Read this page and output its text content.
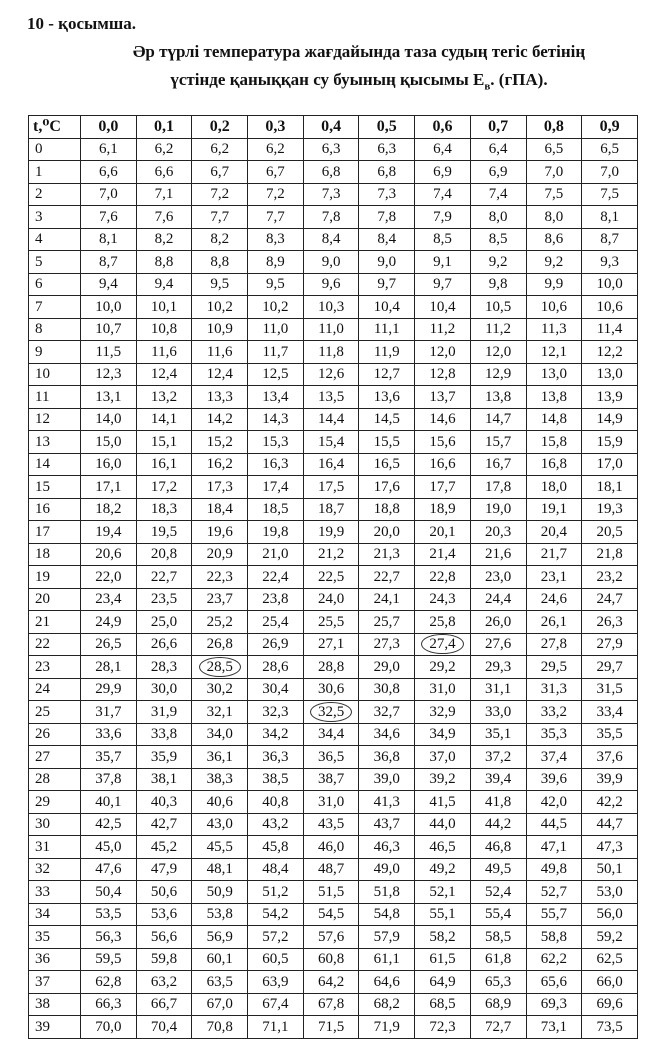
10 - қосымша.
Әр түрлі температура жағдайында таза судың тегіс бетінің
үстінде қаныққан су буының қысымы $E_в$. (гПА).
t,⁰C	0,0	0,1	0,2	0,3	0,4	0,5	0,6	0,7	0,8	0,9
0	6,1	6,2	6,2	6,2	6,3	6,3	6,4	6,4	6,5	6,5
1	6,6	6,6	6,7	6,7	6,8	6,8	6,9	6,9	7,0	7,0
2	7,0	7,1	7,2	7,2	7,3	7,3	7,4	7,4	7,5	7,5
3	7,6	7,6	7,7	7,7	7,8	7,8	7,9	8,0	8,0	8,1
4	8,1	8,2	8,2	8,3	8,4	8,4	8,5	8,5	8,6	8,7
5	8,7	8,8	8,8	8,9	9,0	9,0	9,1	9,2	9,2	9,3
6	9,4	9,4	9,5	9,5	9,6	9,7	9,7	9,8	9,9	10,0
7	10,0	10,1	10,2	10,2	10,3	10,4	10,4	10,5	10,6	10,6
8	10,7	10,8	10,9	11,0	11,0	11,1	11,2	11,2	11,3	11,4
9	11,5	11,6	11,6	11,7	11,8	11,9	12,0	12,0	12,1	12,2
10	12,3	12,4	12,4	12,5	12,6	12,7	12,8	12,9	13,0	13,0
11	13,1	13,2	13,3	13,4	13,5	13,6	13,7	13,8	13,8	13,9
12	14,0	14,1	14,2	14,3	14,4	14,5	14,6	14,7	14,8	14,9
13	15,0	15,1	15,2	15,3	15,4	15,5	15,6	15,7	15,8	15,9
14	16,0	16,1	16,2	16,3	16,4	16,5	16,6	16,7	16,8	17,0
15	17,1	17,2	17,3	17,4	17,5	17,6	17,7	17,8	18,0	18,1
16	18,2	18,3	18,4	18,5	18,7	18,8	18,9	19,0	19,1	19,3
17	19,4	19,5	19,6	19,8	19,9	20,0	20,1	20,3	20,4	20,5
18	20,6	20,8	20,9	21,0	21,2	21,3	21,4	21,6	21,7	21,8
19	22,0	22,7	22,3	22,4	22,5	22,7	22,8	23,0	23,1	23,2
20	23,4	23,5	23,7	23,8	24,0	24,1	24,3	24,4	24,6	24,7
21	24,9	25,0	25,2	25,4	25,5	25,7	25,8	26,0	26,1	26,3
22	26,5	26,6	26,8	26,9	27,1	27,3	27,4	27,6	27,8	27,9
23	28,1	28,3	28,5	28,6	28,8	29,0	29,2	29,3	29,5	29,7
24	29,9	30,0	30,2	30,4	30,6	30,8	31,0	31,1	31,3	31,5
25	31,7	31,9	32,1	32,3	32,5	32,7	32,9	33,0	33,2	33,4
26	33,6	33,8	34,0	34,2	34,4	34,6	34,9	35,1	35,3	35,5
27	35,7	35,9	36,1	36,3	36,5	36,8	37,0	37,2	37,4	37,6
28	37,8	38,1	38,3	38,5	38,7	39,0	39,2	39,4	39,6	39,9
29	40,1	40,3	40,6	40,8	31,0	41,3	41,5	41,8	42,0	42,2
30	42,5	42,7	43,0	43,2	43,5	43,7	44,0	44,2	44,5	44,7
31	45,0	45,2	45,5	45,8	46,0	46,3	46,5	46,8	47,1	47,3
32	47,6	47,9	48,1	48,4	48,7	49,0	49,2	49,5	49,8	50,1
33	50,4	50,6	50,9	51,2	51,5	51,8	52,1	52,4	52,7	53,0
34	53,5	53,6	53,8	54,2	54,5	54,8	55,1	55,4	55,7	56,0
35	56,3	56,6	56,9	57,2	57,6	57,9	58,2	58,5	58,8	59,2
36	59,5	59,8	60,1	60,5	60,8	61,1	61,5	61,8	62,2	62,5
37	62,8	63,2	63,5	63,9	64,2	64,6	64,9	65,3	65,6	66,0
38	66,3	66,7	67,0	67,4	67,8	68,2	68,5	68,9	69,3	69,6
39	70,0	70,4	70,8	71,1	71,5	71,9	72,3	72,7	73,1	73,5
